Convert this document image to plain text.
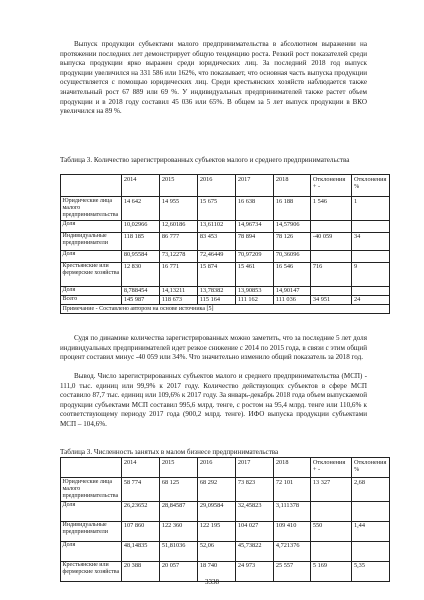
Выпуск продукции субъектами малого предпринимательства в абсолютном выражении на протяжении последних лет демонстрирует общую тенденцию роста. Резкий рост показателей среди выпуска продукции ярко выражен среди юридических лиц. За последний 2018 год выпуск продукции увеличился на 331 586 или 162%, что показывает, что основная часть выпуска продукции осуществляется с помощью юридических лиц. Среди крестьянских хозяйств наблюдается также значительный рост 67 889 или 69 %. У индивидуальных предпринимателей также растет объем продукции и в 2018 году составил 45 036 или 65%. В общем за 5 лет выпуск продукции в ВКО увеличился на 89 %.

Таблица 3. Количество зарегистрированных субъектов малого и среднего предпринимательства

	2014	2015	2016	2017	2018	Отклонения + -	Отклонения %
Юридические лица малого предпринимательства	14 642	14 955	15 675	16 638	16 188	1 546	1
Доля	10,02966	12,60186	13,61102	14,96734	14,57906		
Индивидуальные предприниматели	118 185	86 777	83 453	78 894	78 126	-40 059	34
Доля	80,95584	73,12278	72,46449	70,97209	70,36096		
Крестьянские или фермерские хозяйства	12 830	16 771	15 874	15 461	16 546	716	9
Доля	8,788454	14,13211	13,78382	13,90853	14,90147		
Всего	145 987	118 673	115 164	111 162	111 036	34 951	24
Примечание - Составлено автором на основе источника [5]							

Судя по динамике количества зарегистрированных можно заметить, что за последние 5 лет доля индивидуальных предпринимателей идет резкое снижение с 2014 по 2015 года, в связи с этим общий процент составил минус -40 059 или 34%. Что значительно изменило общий показатель за 2018 год.

Вывод. Число зарегистрированных субъектов малого и среднего предпринимательства (МСП) - 111,0 тыс. единиц или 99,9% к 2017 году. Количество действующих субъектов в сфере МСП составило 87,7 тыс. единиц или 109,6% к 2017 году. За январь-декабрь 2018 года объем выпускаемой продукции субъектами МСП составил 995,6 млрд. тенге, с ростом на 95,4 млрд. тенге или 110,6% к соответствующему периоду 2017 года (900,2 млрд. тенге). ИФО выпуска продукции субъектами МСП – 104,6%.

Таблица 3. Численность занятых в малом бизнесе предпринимательства

	2014	2015	2016	2017	2018	Отклонения + -	Отклонения %
Юридические лица малого предпринимательства	58 774	68 125	68 292	73 823	72 101	13 327	2,68
Доля	26,23652	28,84587	29,09584	32,45823	3,111378		
Индивидуальные предприниматели	107 860	122 360	122 195	104 027	109 410	550	1,44
Доля	48,14835	51,81036	52,06	45,73822	4,721376		
Крестьянские или фермерские хозяйства	20 388	20 057	18 740	24 973	25 557	5 169	5,35
3338
